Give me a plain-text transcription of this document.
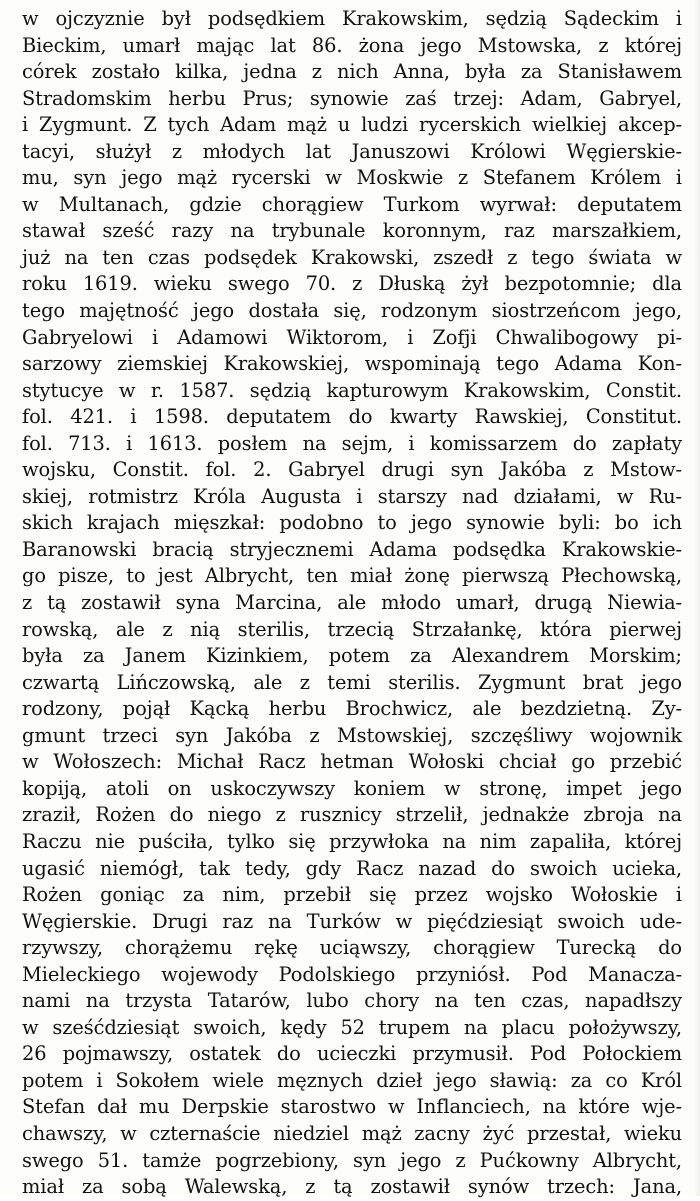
w ojczyznie był podsędkiem Krakowskim, sędzią Sądeckim i
Bieckim, umarł mając lat 86. żona jego Mstowska, z której
córek zostało kilka, jedna z nich Anna, była za Stanisławem
Stradomskim herbu Prus; synowie zaś trzej: Adam, Gabryel,
i Zygmunt. Z tych Adam mąż u ludzi rycerskich wielkiej akcep-
tacyi, służył z młodych lat Januszowi Królowi Węgierskie-
mu, syn jego mąż rycerski w Moskwie z Stefanem Królem i
w Multanach, gdzie chorągiew Turkom wyrwał: deputatem
stawał sześć razy na trybunale koronnym, raz marszałkiem,
już na ten czas podsędek Krakowski, zszedł z tego świata w
roku 1619. wieku swego 70. z Dłuską żył bezpotomnie; dla
tego majętność jego dostała się, rodzonym siostrzeńcom jego,
Gabryelowi i Adamowi Wiktorom, i Zofji Chwalibogowy pi-
sarzowy ziemskiej Krakowskiej, wspominają tego Adama Kon-
stytucye w r. 1587. sędzią kapturowym Krakowskim, Constit.
fol. 421. i 1598. deputatem do kwarty Rawskiej, Constitut.
fol. 713. i 1613. posłem na sejm, i komissarzem do zapłaty
wojsku, Constit. fol. 2. Gabryel drugi syn Jakóba z Mstow-
skiej, rotmistrz Króla Augusta i starszy nad działami, w Ru-
skich krajach mięszkał: podobno to jego synowie byli: bo ich
Baranowski bracią stryjecznemi Adama podsędka Krakowskie-
go pisze, to jest Albrycht, ten miał żonę pierwszą Płechowską,
z tą zostawił syna Marcina, ale młodo umarł, drugą Niewia-
rowską, ale z nią sterilis, trzecią Strzałankę, która pierwej
była za Janem Kizinkiem, potem za Alexandrem Morskim;
czwartą Lińczowską, ale z temi sterilis. Zygmunt brat jego
rodzony, pojął Kącką herbu Brochwicz, ale bezdzietną. Zy-
gmunt trzeci syn Jakóba z Mstowskiej, szczęśliwy wojownik
w Wołoszech: Michał Racz hetman Wołoski chciał go przebić
kopiją, atoli on uskoczywszy koniem w stronę, impet jego
zraził, Rożen do niego z rusznicy strzelił, jednakże zbroja na
Raczu nie puściła, tylko się przywłoka na nim zapaliła, której
ugasić niemógł, tak tedy, gdy Racz nazad do swoich ucieka,
Rożen goniąc za nim, przebił się przez wojsko Wołoskie i
Węgierskie. Drugi raz na Turków w pięćdziesiąt swoich ude-
rzywszy, chorążemu rękę uciąwszy, chorągiew Turecką do
Mieleckiego wojewody Podolskiego przyniósł. Pod Manacza-
nami na trzysta Tatarów, lubo chory na ten czas, napadłszy
w sześćdziesiąt swoich, kędy 52 trupem na placu położywszy,
26 pojmawszy, ostatek do ucieczki przymusił. Pod Połockiem
potem i Sokołem wiele męznych dzieł jego sławią: za co Król
Stefan dał mu Derpskie starostwo w Inflanciech, na które wje-
chawszy, w czternaście niedziel mąż zacny żyć przestał, wieku
swego 51. tamże pogrzebiony, syn jego z Pućkowny Albrycht,
miał za sobą Walewską, z tą zostawił synów trzech: Jana,
